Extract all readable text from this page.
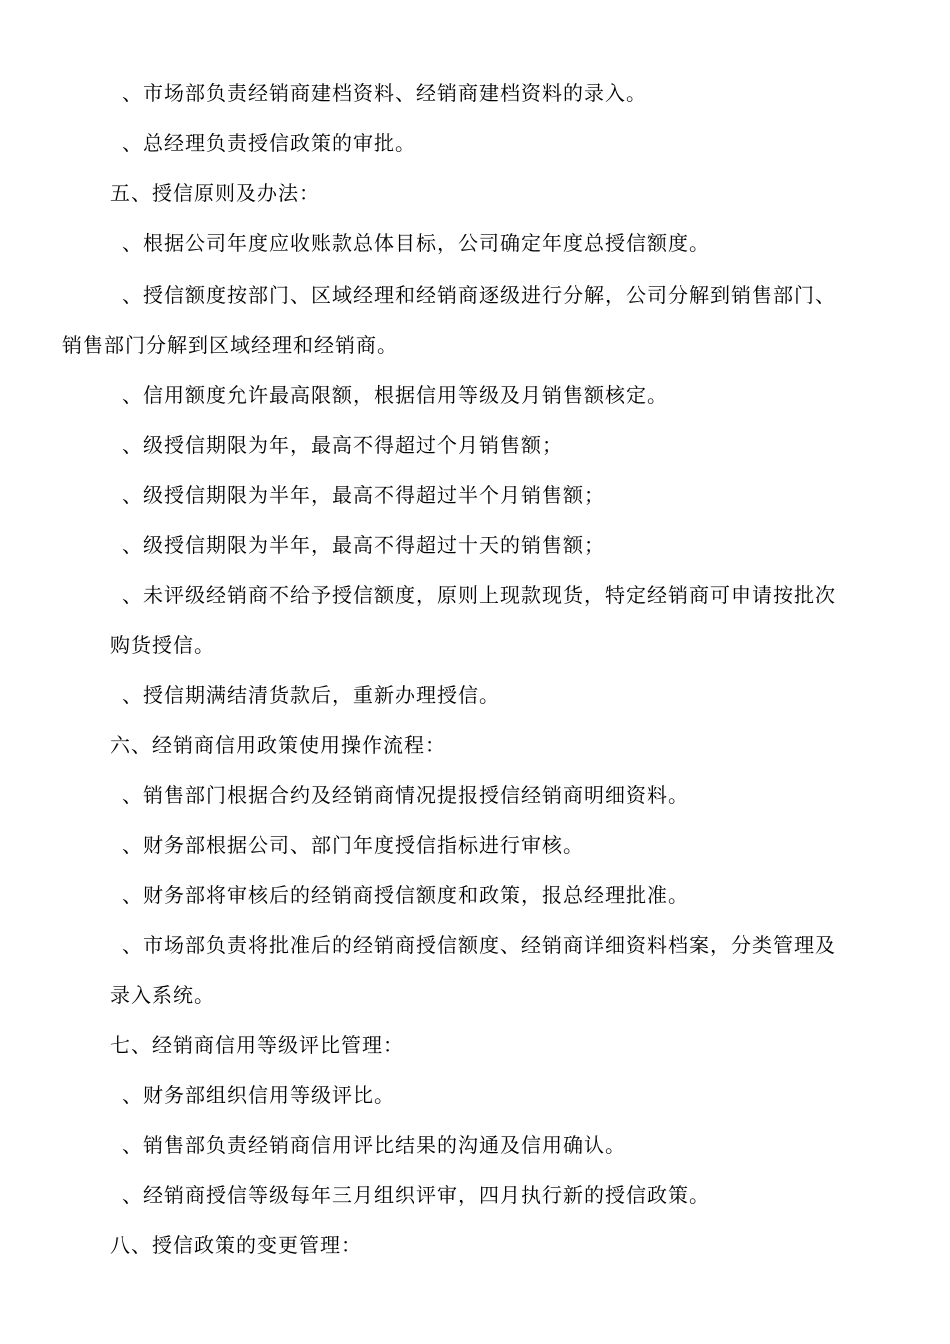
、市场部负责经销商建档资料、经销商建档资料的录入。
、总经理负责授信政策的审批。
五、授信原则及办法：
、根据公司年度应收账款总体目标，公司确定年度总授信额度。
、授信额度按部门、区域经理和经销商逐级进行分解，公司分解到销售部门、
销售部门分解到区域经理和经销商。
、信用额度允许最高限额，根据信用等级及月销售额核定。
、级授信期限为年，最高不得超过个月销售额；
、级授信期限为半年，最高不得超过半个月销售额；
、级授信期限为半年，最高不得超过十天的销售额；
、未评级经销商不给予授信额度，原则上现款现货，特定经销商可申请按批次
购货授信。
、授信期满结清货款后，重新办理授信。
六、经销商信用政策使用操作流程：
、销售部门根据合约及经销商情况提报授信经销商明细资料。
、财务部根据公司、部门年度授信指标进行审核。
、财务部将审核后的经销商授信额度和政策，报总经理批准。
、市场部负责将批准后的经销商授信额度、经销商详细资料档案，分类管理及
录入系统。
七、经销商信用等级评比管理：
、财务部组织信用等级评比。
、销售部负责经销商信用评比结果的沟通及信用确认。
、经销商授信等级每年三月组织评审，四月执行新的授信政策。
八、授信政策的变更管理：
